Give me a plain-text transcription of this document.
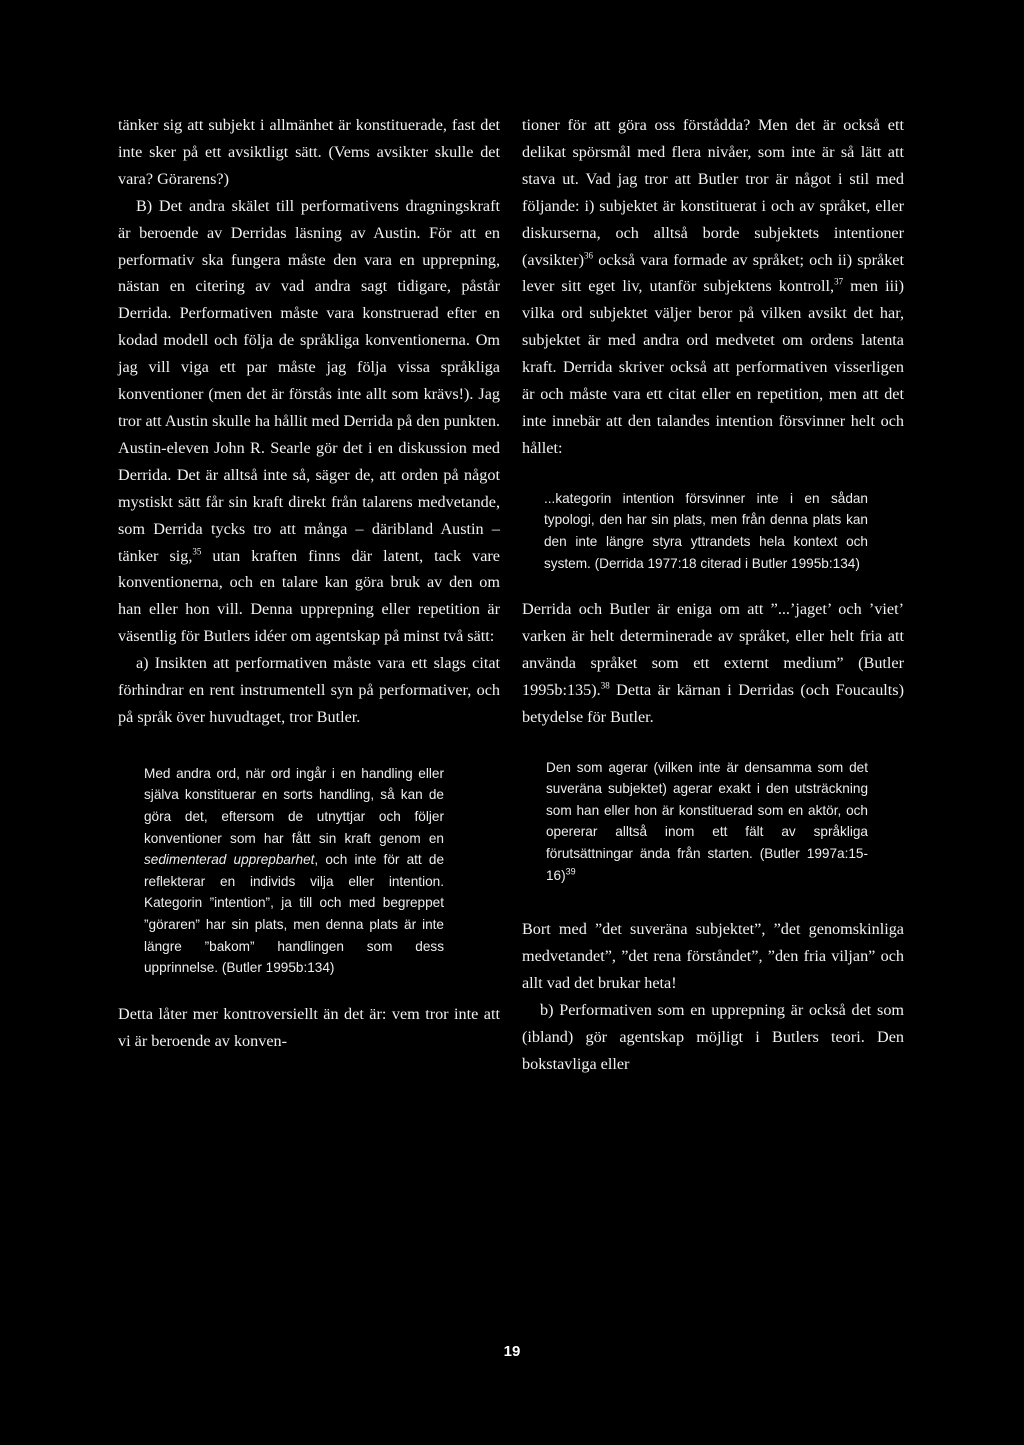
tänker sig att subjekt i allmänhet är konstituerade, fast det inte sker på ett avsiktligt sätt. (Vems avsikter skulle det vara? Görarens?)

B) Det andra skälet till performativens dragningskraft är beroende av Derridas läsning av Austin. För att en performativ ska fungera måste den vara en upprepning, nästan en citering av vad andra sagt tidigare, påstår Derrida. Performativen måste vara konstruerad efter en kodad modell och följa de språkliga konventionerna. Om jag vill viga ett par måste jag följa vissa språkliga konventioner (men det är förstås inte allt som krävs!). Jag tror att Austin skulle ha hållit med Derrida på den punkten. Austin-eleven John R. Searle gör det i en diskussion med Derrida. Det är alltså inte så, säger de, att orden på något mystiskt sätt får sin kraft direkt från talarens medvetande, som Derrida tycks tro att många – däribland Austin – tänker sig,$^{35}$ utan kraften finns där latent, tack vare konventionerna, och en talare kan göra bruk av den om han eller hon vill. Denna upprepning eller repetition är väsentlig för Butlers idéer om agentskap på minst två sätt:

a) Insikten att performativen måste vara ett slags citat förhindrar en rent instrumentell syn på performativer, och på språk över huvudtaget, tror Butler.

Med andra ord, när ord ingår i en handling eller själva konstituerar en sorts handling, så kan de göra det, eftersom de utnyttjar och följer konventioner som har fått sin kraft genom en sedimenterad upprepbarhet, och inte för att de reflekterar en individs vilja eller intention. Kategorin ”intention”, ja till och med begreppet ”göraren” har sin plats, men denna plats är inte längre ”bakom” handlingen som dess upprinnelse. (Butler 1995b:134)

Detta låter mer kontroversiellt än det är: vem tror inte att vi är beroende av konven-

tioner för att göra oss förstådda? Men det är också ett delikat spörsmål med flera nivåer, som inte är så lätt att stava ut. Vad jag tror att Butler tror är något i stil med följande: i) subjektet är konstituerat i och av språket, eller diskurserna, och alltså borde subjektets intentioner (avsikter)$^{36}$ också vara formade av språket; och ii) språket lever sitt eget liv, utanför subjektens kontroll,$^{37}$ men iii) vilka ord subjektet väljer beror på vilken avsikt det har, subjektet är med andra ord medvetet om ordens latenta kraft. Derrida skriver också att performativen visserligen är och måste vara ett citat eller en repetition, men att det inte innebär att den talandes intention försvinner helt och hållet:

...kategorin intention försvinner inte i en sådan typologi, den har sin plats, men från denna plats kan den inte längre styra yttrandets hela kontext och system. (Derrida 1977:18 citerad i Butler 1995b:134)

Derrida och Butler är eniga om att ”...’jaget’ och ’viet’ varken är helt determinerade av språket, eller helt fria att använda språket som ett externt medium” (Butler 1995b:135).$^{38}$ Detta är kärnan i Derridas (och Foucaults) betydelse för Butler.

Den som agerar (vilken inte är densamma som det suveräna subjektet) agerar exakt i den utsträckning som han eller hon är konstituerad som en aktör, och opererar alltså inom ett fält av språkliga förutsättningar ända från starten. (Butler 1997a:15-16)$^{39}$

Bort med ”det suveräna subjektet”, ”det genomskinliga medvetandet”, ”det rena förståndet”, ”den fria viljan” och allt vad det brukar heta!

b) Performativen som en upprepning är också det som (ibland) gör agentskap möjligt i Butlers teori. Den bokstavliga eller

19
